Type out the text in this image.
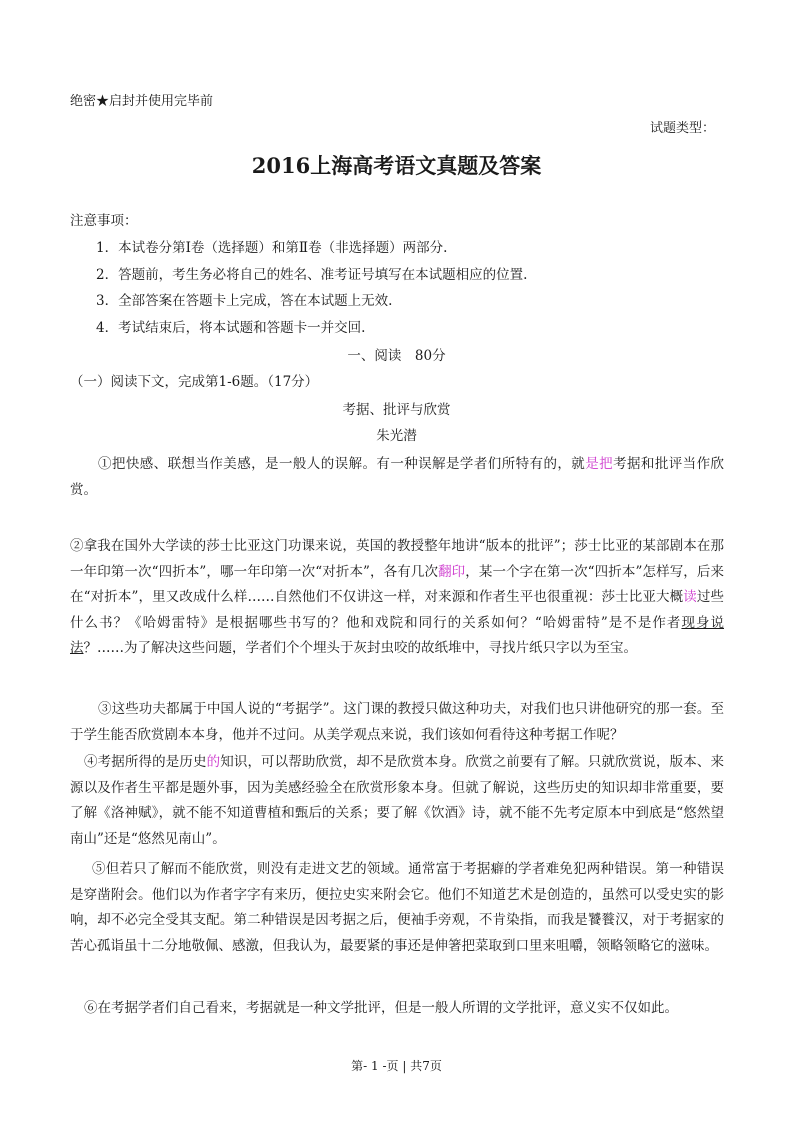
绝密★启封并使用完毕前
试题类型：
2016上海高考语文真题及答案
注意事项：
1．本试卷分第Ⅰ卷（选择题）和第Ⅱ卷（非选择题）两部分.
2．答题前，考生务必将自己的姓名、准考证号填写在本试题相应的位置.
3．全部答案在答题卡上完成，答在本试题上无效.
4．考试结束后，将本试题和答题卡一并交回.
一、阅读　80分
（一）阅读下文，完成第1-6题。（17分）
考据、批评与欣赏
朱光潜
①把快感、联想当作美感，是一般人的误解。有一种误解是学者们所特有的，就是把考据和批评当作欣赏。
②拿我在国外大学读的莎士比亚这门功课来说，英国的教授整年地讲“版本的批评”；莎士比亚的某部剧本在那一年印第一次“四折本”，哪一年印第一次“对折本”，各有几次翻印，某一个字在第一次“四折本”怎样写，后来在“对折本”，里又改成什么样……自然他们不仅讲这一样，对来源和作者生平也很重视：莎士比亚大概读过些什么书？《哈姆雷特》是根据哪些书写的？他和戏院和同行的关系如何？“哈姆雷特”是不是作者现身说法？……为了解决这些问题，学者们个个埋头于灰封虫咬的故纸堆中，寻找片纸只字以为至宝。
③这些功夫都属于中国人说的“考据学”。这门课的教授只做这种功夫，对我们也只讲他研究的那一套。至于学生能否欣赏剧本本身，他并不过问。从美学观点来说，我们该如何看待这种考据工作呢？
④考据所得的是历史的知识，可以帮助欣赏，却不是欣赏本身。欣赏之前要有了解。只就欣赏说，版本、来源以及作者生平都是题外事，因为美感经验全在欣赏形象本身。但就了解说，这些历史的知识却非常重要，要了解《洛神赋》，就不能不知道曹植和甄后的关系；要了解《饮酒》诗，就不能不先考定原本中到底是“悠然望南山”还是“悠然见南山”。
⑤但若只了解而不能欣赏，则没有走进文艺的领域。通常富于考据癖的学者难免犯两种错误。第一种错误是穿凿附会。他们以为作者字字有来历，便拉史实来附会它。他们不知道艺术是创造的，虽然可以受史实的影响，却不必完全受其支配。第二种错误是因考据之后，便袖手旁观，不肯染指，而我是饕餮汉，对于考据家的苦心孤诣虽十二分地敬佩、感激，但我认为，最要紧的事还是伸箸把菜取到口里来咀嚼，领略领略它的滋味。
⑥在考据学者们自己看来，考据就是一种文学批评，但是一般人所谓的文学批评，意义实不仅如此。
第- 1 -页 | 共7页
